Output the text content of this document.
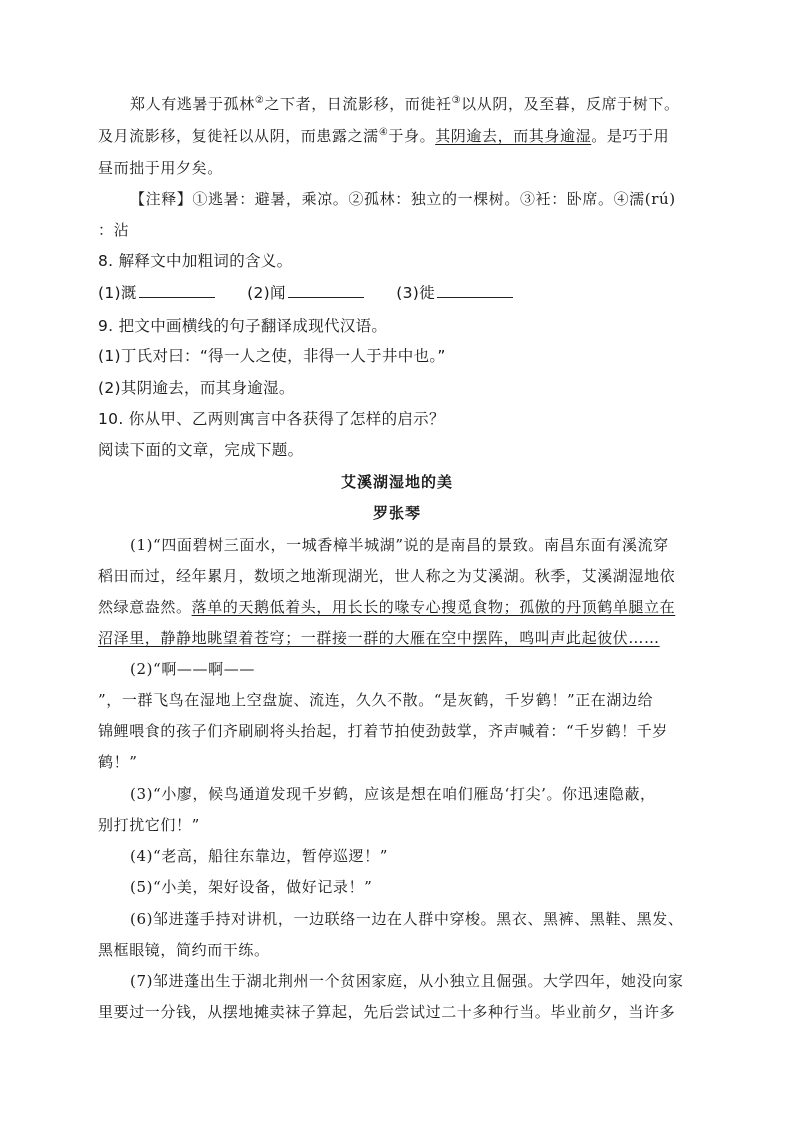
郑人有逃暑于孤林②之下者，日流影移，而徙衽③以从阴，及至暮，反席于树下。
及月流影移，复徙衽以从阴，而患露之濡④于身。其阴逾去，而其身逾湿。是巧于用
昼而拙于用夕矣。
【注释】①逃暑：避暑，乘凉。②孤林：独立的一棵树。③衽：卧席。④濡(rú)
：沾
8. 解释文中加粗词的含义。
(1)溉	(2)闻	(3)徙
9. 把文中画横线的句子翻译成现代汉语。
(1)丁氏对曰：“得一人之使，非得一人于井中也。”
(2)其阴逾去，而其身逾湿。
10. 你从甲、乙两则寓言中各获得了怎样的启示？
阅读下面的文章，完成下题。
艾溪湖湿地的美
罗张琴
(1)“四面碧树三面水，一城香樟半城湖”说的是南昌的景致。南昌东面有溪流穿
稻田而过，经年累月，数顷之地渐现湖光，世人称之为艾溪湖。秋季，艾溪湖湿地依
然绿意盎然。落单的天鹅低着头，用长长的喙专心搜觅食物；孤傲的丹顶鹤单腿立在
沼泽里，静静地眺望着苍穹；一群接一群的大雁在空中摆阵，鸣叫声此起彼伏……
(2)“啊——啊——
”，一群飞鸟在湿地上空盘旋、流连，久久不散。“是灰鹤，千岁鹤！”正在湖边给
锦鲤喂食的孩子们齐刷刷将头抬起，打着节拍使劲鼓掌，齐声喊着：“千岁鹤！千岁
鹤！”
(3)“小廖，候鸟通道发现千岁鹤，应该是想在咱们雁岛‘打尖’。你迅速隐蔽，
别打扰它们！”
(4)“老高，船往东靠边，暂停巡逻！”
(5)“小美，架好设备，做好记录！”
(6)邹进蓬手持对讲机，一边联络一边在人群中穿梭。黑衣、黑裤、黑鞋、黑发、
黑框眼镜，简约而干练。
(7)邹进蓬出生于湖北荆州一个贫困家庭，从小独立且倔强。大学四年，她没向家
里要过一分钱，从摆地摊卖袜子算起，先后尝试过二十多种行当。毕业前夕，当许多
